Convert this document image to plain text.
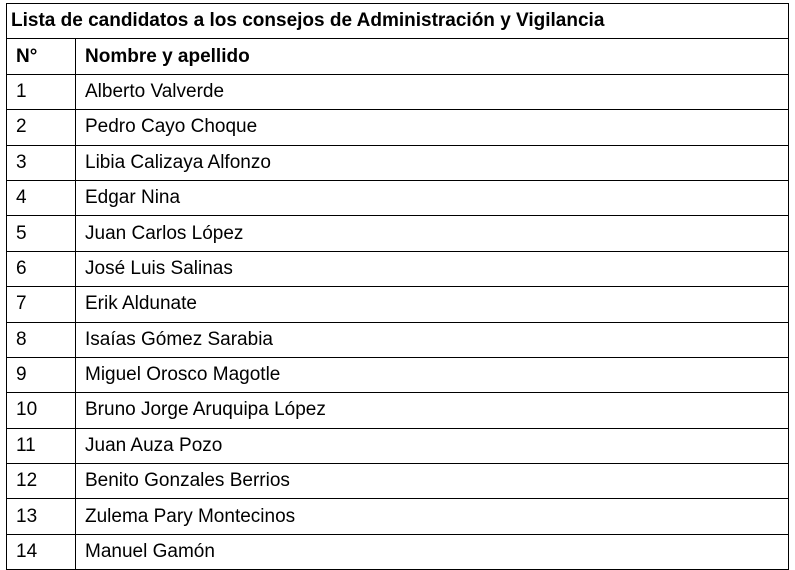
Lista de candidatos a los consejos de Administración y Vigilancia	
N°	Nombre y apellido
1	Alberto Valverde
2	Pedro Cayo Choque
3	Libia Calizaya Alfonzo
4	Edgar Nina
5	Juan Carlos López
6	José Luis Salinas
7	Erik Aldunate
8	Isaías Gómez Sarabia
9	Miguel Orosco Magotle
10	Bruno Jorge Aruquipa López
11	Juan Auza Pozo
12	Benito Gonzales Berrios
13	Zulema Pary Montecinos
14	Manuel Gamón
